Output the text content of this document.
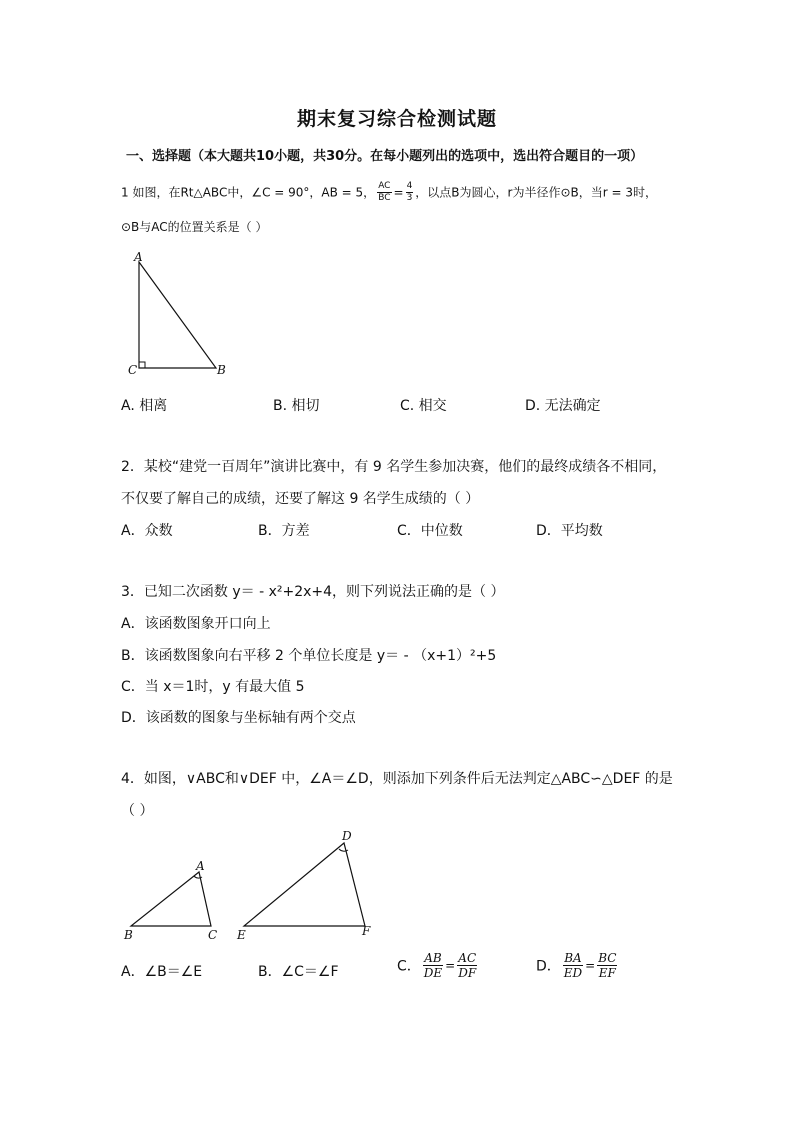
期末复习综合检测试题
一、选择题（本大题共10小题，共30分。在每小题列出的选项中，选出符合题目的一项）
1 如图，在Rt△ABC中，∠C = 90°，AB = 5， $\frac{AC}{BC} = \frac{4}{3}$ ，以点B为圆心，r为半径作⊙B，当r = 3时，
⊙B与AC的位置关系是（ ）
A
C	B
A. 相离	B. 相切	C. 相交	D. 无法确定
2．某校“建党一百周年”演讲比赛中，有 9 名学生参加决赛，他们的最终成绩各不相同，
不仅要了解自己的成绩，还要了解这 9 名学生成绩的（ ）
A．众数	B．方差	C．中位数	D．平均数
3．已知二次函数 y＝ - x²+2x+4，则下列说法正确的是（ ）
A．该函数图象开口向上
B．该函数图象向右平移 2 个单位长度是 y＝ - （x+1）²+5
C．当 x＝1时，y 有最大值 5
D．该函数的图象与坐标轴有两个交点
4．如图，∨ABC和∨DEF 中，∠A＝∠D，则添加下列条件后无法判定△ABC∽△DEF 的是
（ ）
A
B	C
D
E	F
A．∠B＝∠E	B．∠C＝∠F	C． $\frac{AB}{DE} = \frac{AC}{DF}$	D． $\frac{BA}{ED} = \frac{BC}{EF}$
